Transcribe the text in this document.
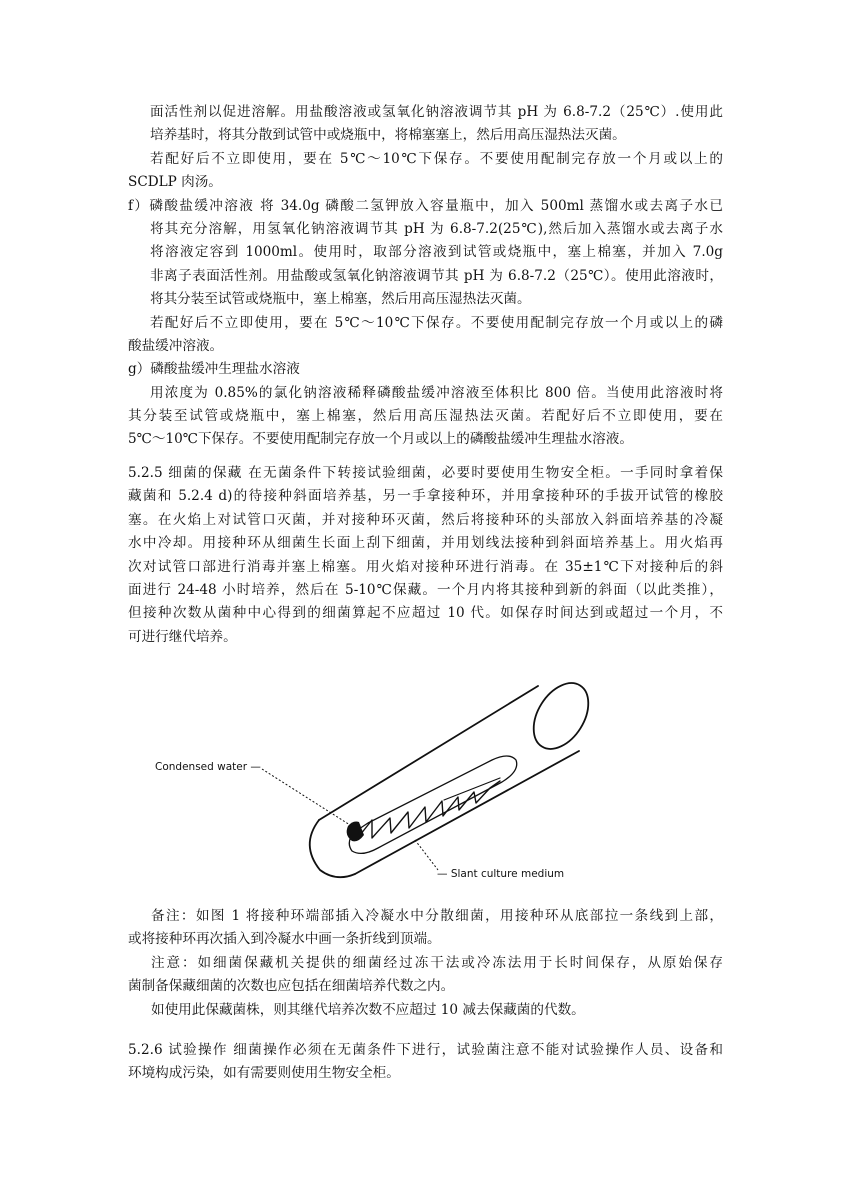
面活性剂以促进溶解。用盐酸溶液或氢氧化钠溶液调节其 pH 为 6.8-7.2（25℃）.使用此
培养基时，将其分散到试管中或烧瓶中，将棉塞塞上，然后用高压湿热法灭菌。
若配好后不立即使用，要在 5℃～10℃下保存。不要使用配制完存放一个月或以上的
SCDLP 肉汤。
f）磷酸盐缓冲溶液 将 34.0g 磷酸二氢钾放入容量瓶中，加入 500ml 蒸馏水或去离子水已
将其充分溶解，用氢氧化钠溶液调节其 pH 为 6.8-7.2(25℃),然后加入蒸馏水或去离子水
将溶液定容到 1000ml。使用时，取部分溶液到试管或烧瓶中，塞上棉塞，并加入 7.0g
非离子表面活性剂。用盐酸或氢氧化钠溶液调节其 pH 为 6.8-7.2（25℃）。使用此溶液时，
将其分装至试管或烧瓶中，塞上棉塞，然后用高压湿热法灭菌。
若配好后不立即使用，要在 5℃～10℃下保存。不要使用配制完存放一个月或以上的磷
酸盐缓冲溶液。
g）磷酸盐缓冲生理盐水溶液
用浓度为 0.85%的氯化钠溶液稀释磷酸盐缓冲溶液至体积比 800 倍。当使用此溶液时将
其分装至试管或烧瓶中，塞上棉塞，然后用高压湿热法灭菌。若配好后不立即使用，要在
5℃～10℃下保存。不要使用配制完存放一个月或以上的磷酸盐缓冲生理盐水溶液。
5.2.5 细菌的保藏 在无菌条件下转接试验细菌，必要时要使用生物安全柜。一手同时拿着保
藏菌和 5.2.4 d)的待接种斜面培养基，另一手拿接种环，并用拿接种环的手拔开试管的橡胶
塞。在火焰上对试管口灭菌，并对接种环灭菌，然后将接种环的头部放入斜面培养基的冷凝
水中冷却。用接种环从细菌生长面上刮下细菌，并用划线法接种到斜面培养基上。用火焰再
次对试管口部进行消毒并塞上棉塞。用火焰对接种环进行消毒。在 35±1℃下对接种后的斜
面进行 24-48 小时培养，然后在 5-10℃保藏。一个月内将其接种到新的斜面（以此类推），
但接种次数从菌种中心得到的细菌算起不应超过 10 代。如保存时间达到或超过一个月，不
可进行继代培养。
Condensed water —
— Slant culture medium
备注：如图 1 将接种环端部插入冷凝水中分散细菌，用接种环从底部拉一条线到上部，
或将接种环再次插入到冷凝水中画一条折线到顶端。
注意：如细菌保藏机关提供的细菌经过冻干法或冷冻法用于长时间保存，从原始保存
菌制备保藏细菌的次数也应包括在细菌培养代数之内。
如使用此保藏菌株，则其继代培养次数不应超过 10 减去保藏菌的代数。
5.2.6 试验操作 细菌操作必须在无菌条件下进行，试验菌注意不能对试验操作人员、设备和
环境构成污染，如有需要则使用生物安全柜。
